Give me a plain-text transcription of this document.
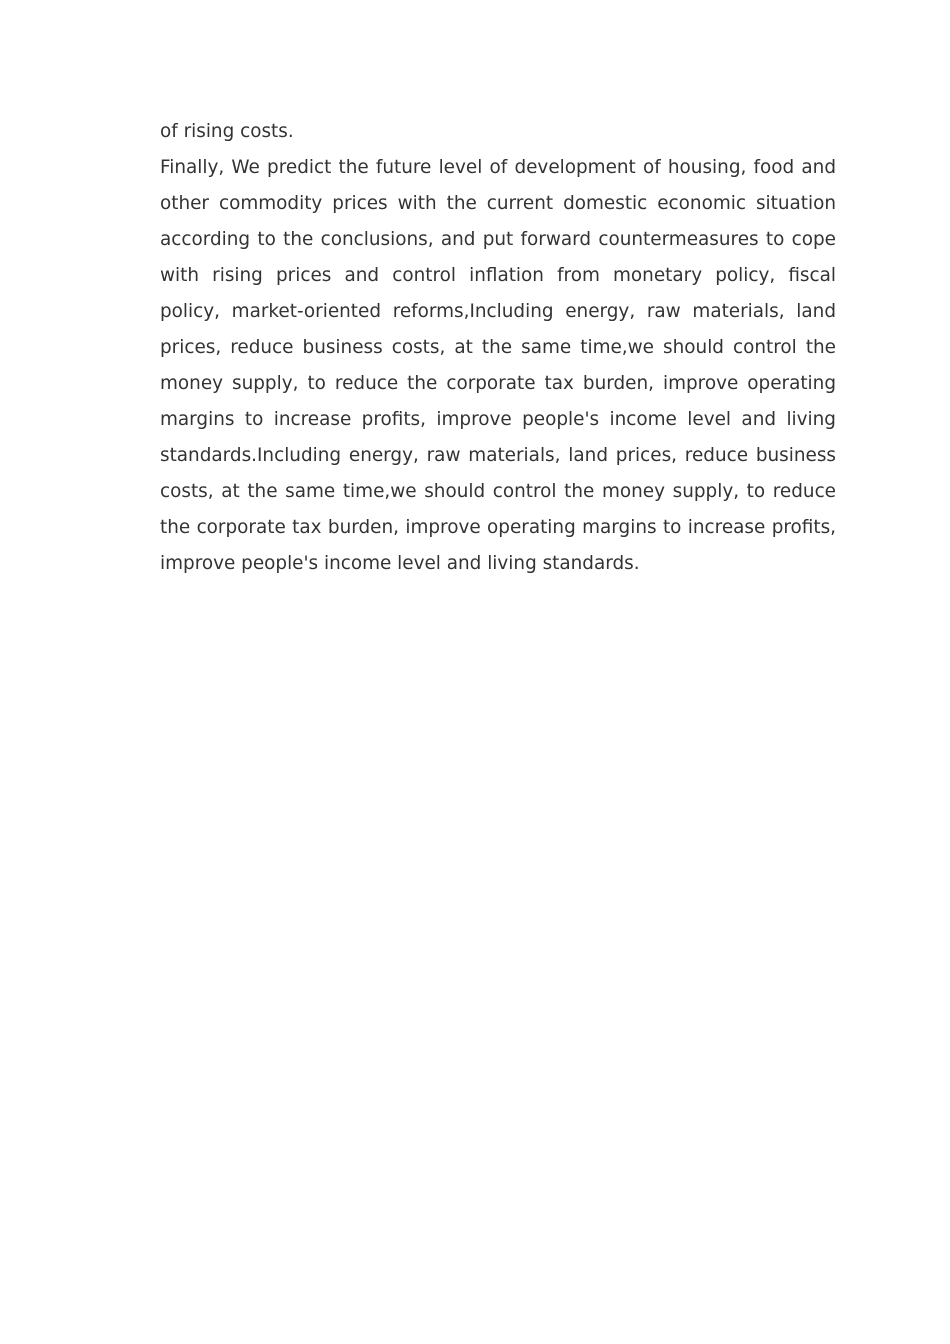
of rising costs.

Finally, We predict the future level of development of housing, food and other commodity prices with the current domestic economic situation according to the conclusions, and put forward countermeasures to cope with rising prices and control inflation from monetary policy, fiscal policy, market-oriented reforms,Including energy, raw materials, land prices, reduce business costs, at the same time,we should control the money supply, to reduce the corporate tax burden, improve operating margins to increase profits, improve people's income level and living standards.Including energy, raw materials, land prices, reduce business costs, at the same time,we should control the money supply, to reduce the corporate tax burden, improve operating margins to increase profits, improve people's income level and living standards.
